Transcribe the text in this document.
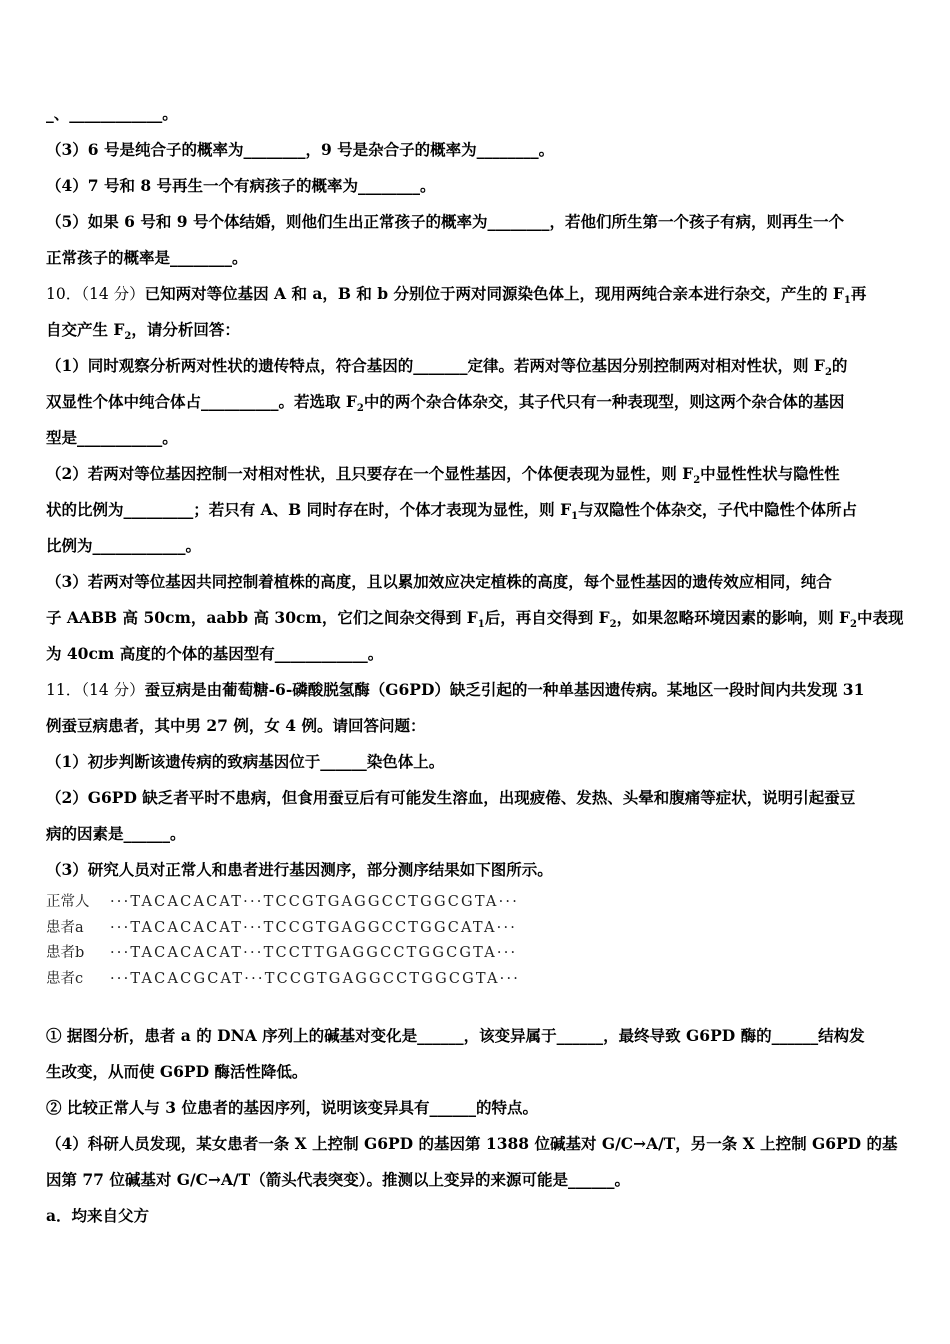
_、____________。
（3）6 号是纯合子的概率为________，9 号是杂合子的概率为________。
（4）7 号和 8 号再生一个有病孩子的概率为________。
（5）如果 6 号和 9 号个体结婚，则他们生出正常孩子的概率为________，若他们所生第一个孩子有病，则再生一个
正常孩子的概率是________。
10．（14 分）已知两对等位基因 A 和 a，B 和 b 分别位于两对同源染色体上，现用两纯合亲本进行杂交，产生的 $F_1$再
自交产生 $F_2$，请分析回答：
（1）同时观察分析两对性状的遗传特点，符合基因的_______定律。若两对等位基因分别控制两对相对性状，则 $F_2$的
双显性个体中纯合体占__________。若选取 $F_2$中的两个杂合体杂交，其子代只有一种表现型，则这两个杂合体的基因
型是___________。
（2）若两对等位基因控制一对相对性状，且只要存在一个显性基因，个体便表现为显性，则 $F_2$中显性性状与隐性性
状的比例为_________；若只有 A、B 同时存在时，个体才表现为显性，则 $F_1$与双隐性个体杂交，子代中隐性个体所占
比例为____________。
（3）若两对等位基因共同控制着植株的高度，且以累加效应决定植株的高度，每个显性基因的遗传效应相同，纯合
子 AABB 高 50cm，aabb 高 30cm，它们之间杂交得到 $F_1$后，再自交得到 $F_2$，如果忽略环境因素的影响，则 $F_2$中表现
为 40cm 高度的个体的基因型有____________。
11．（14 分）蚕豆病是由葡萄糖-6-磷酸脱氢酶（G6PD）缺乏引起的一种单基因遗传病。某地区一段时间内共发现 31
例蚕豆病患者，其中男 27 例，女 4 例。请回答问题：
（1）初步判断该遗传病的致病基因位于______染色体上。
（2）G6PD 缺乏者平时不患病，但食用蚕豆后有可能发生溶血，出现疲倦、发热、头晕和腹痛等症状，说明引起蚕豆
病的因素是______。
（3）研究人员对正常人和患者进行基因测序，部分测序结果如下图所示。
正常人 ···TACACACAT···TCCGTGAGGCCTGGCGTA···
患者a ···TACACACAT···TCCGTGAGGCCTGGCATA···
患者b ···TACACACAT···TCCTTGAGGCCTGGCGTA···
患者c ···TACACGCAT···TCCGTGAGGCCTGGCGTA···
① 据图分析，患者 a 的 DNA 序列上的碱基对变化是______，该变异属于______，最终导致 G6PD 酶的______结构发
生改变，从而使 G6PD 酶活性降低。
② 比较正常人与 3 位患者的基因序列，说明该变异具有______的特点。
（4）科研人员发现，某女患者一条 X 上控制 G6PD 的基因第 1388 位碱基对 G/C→A/T，另一条 X 上控制 G6PD 的基
因第 77 位碱基对 G/C→A/T（箭头代表突变）。推测以上变异的来源可能是______。
a．均来自父方
